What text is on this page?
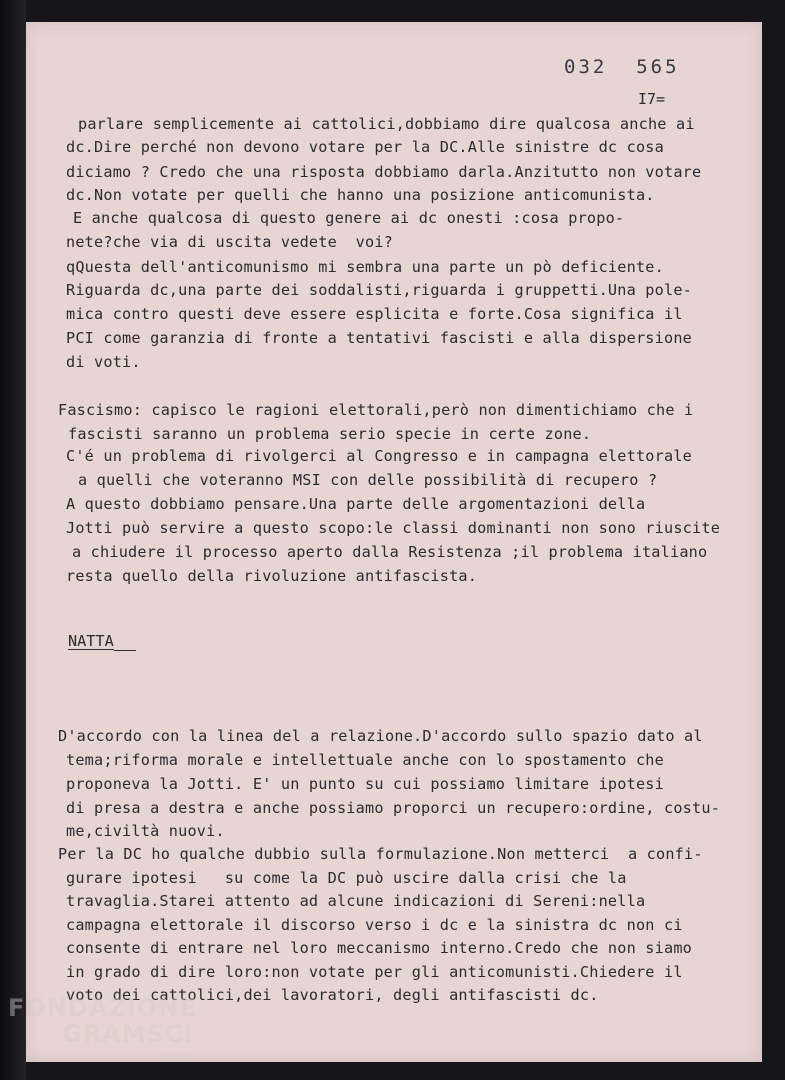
032  565
I7=
parlare semplicemente ai cattolici,dobbiamo dire qualcosa anche ai
dc.Dire perché non devono votare per la DC.Alle sinistre dc cosa
diciamo ? Credo che una risposta dobbiamo darla.Anzitutto non votare
dc.Non votate per quelli che hanno una posizione anticomunista.
E anche qualcosa di questo genere ai dc onesti :cosa propo-
nete?che via di uscita vedete  voi?
qQuesta dell'anticomunismo mi sembra una parte un pò deficiente.
Riguarda dc,una parte dei soddalisti,riguarda i gruppetti.Una pole-
mica contro questi deve essere esplicita e forte.Cosa significa il
PCI come garanzia di fronte a tentativi fascisti e alla dispersione
di voti.
Fascismo: capisco le ragioni elettorali,però non dimentichiamo che i
fascisti saranno un problema serio specie in certe zone.
C'é un problema di rivolgerci al Congresso e in campagna elettorale
a quelli che voteranno MSI con delle possibilità di recupero ?
A questo dobbiamo pensare.Una parte delle argomentazioni della
Jotti può servire a questo scopo:le classi dominanti non sono riuscite
a chiudere il processo aperto dalla Resistenza ;il problema italiano
resta quello della rivoluzione antifascista.
NATTA
D'accordo con la linea del a relazione.D'accordo sullo spazio dato al
tema;riforma morale e intellettuale anche con lo spostamento che
proponeva la Jotti. E' un punto su cui possiamo limitare ipotesi
di presa a destra e anche possiamo proporci un recupero:ordine, costu-
me,civiltà nuovi.
Per la DC ho qualche dubbio sulla formulazione.Non metterci  a confi-
gurare ipotesi   su come la DC può uscire dalla crisi che la
travaglia.Starei attento ad alcune indicazioni di Sereni:nella
campagna elettorale il discorso verso i dc e la sinistra dc non ci
consente di entrare nel loro meccanismo interno.Credo che non siamo
in grado di dire loro:non votate per gli anticomunisti.Chiedere il
voto dei cattolici,dei lavoratori, degli antifascisti dc.
FONDAZIONE
GRAMSCI
onlus
